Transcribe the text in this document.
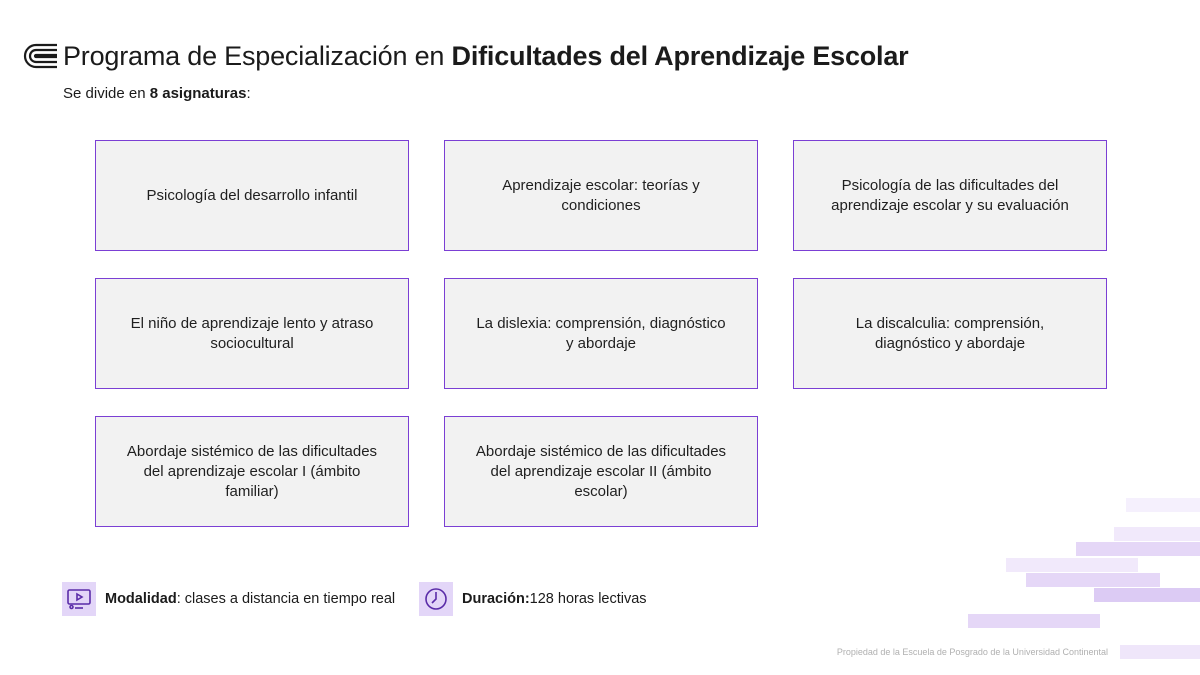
Programa de Especialización en Dificultades del Aprendizaje Escolar
Se divide en 8 asignaturas:
Psicología del desarrollo infantil
Aprendizaje escolar: teorías y condiciones
Psicología de las dificultades del aprendizaje escolar y su evaluación
El niño de aprendizaje lento y atraso sociocultural
La dislexia: comprensión, diagnóstico y abordaje
La discalculia: comprensión, diagnóstico y abordaje
Abordaje sistémico de las dificultades del aprendizaje escolar I (ámbito familiar)
Abordaje sistémico de las dificultades del aprendizaje escolar II (ámbito escolar)
Modalidad : clases a distancia en tiempo real	Duración: 128 horas lectivas
Propiedad de la Escuela de Posgrado de la Universidad Continental
